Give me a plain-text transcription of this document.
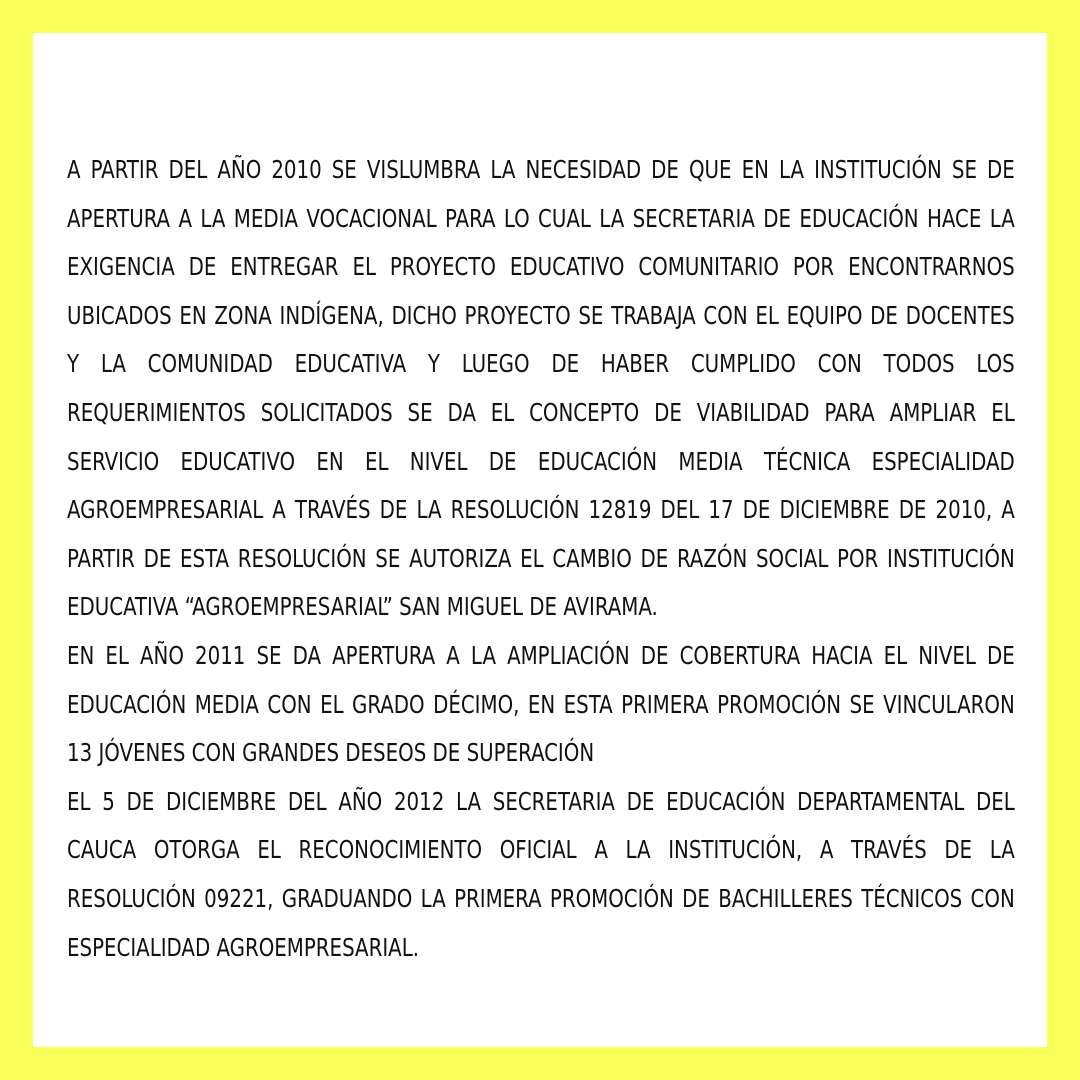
A PARTIR DEL AÑO 2010 SE VISLUMBRA LA NECESIDAD DE QUE EN LA INSTITUCIÓN SE DE APERTURA A LA MEDIA VOCACIONAL PARA LO CUAL LA SECRETARIA DE EDUCACIÓN HACE LA EXIGENCIA DE ENTREGAR EL PROYECTO EDUCATIVO COMUNITARIO POR ENCONTRARNOS UBICADOS EN ZONA INDÍGENA, DICHO PROYECTO SE TRABAJA CON EL EQUIPO DE DOCENTES Y LA COMUNIDAD EDUCATIVA Y LUEGO DE HABER CUMPLIDO CON TODOS LOS REQUERIMIENTOS SOLICITADOS SE DA EL CONCEPTO DE VIABILIDAD PARA AMPLIAR EL SERVICIO EDUCATIVO EN EL NIVEL DE EDUCACIÓN MEDIA TÉCNICA ESPECIALIDAD AGROEMPRESARIAL A TRAVÉS DE LA RESOLUCIÓN 12819 DEL 17 DE DICIEMBRE DE 2010, A PARTIR DE ESTA RESOLUCIÓN SE AUTORIZA EL CAMBIO DE RAZÓN SOCIAL POR INSTITUCIÓN EDUCATIVA “AGROEMPRESARIAL” SAN MIGUEL DE AVIRAMA.

EN EL AÑO 2011 SE DA APERTURA A LA AMPLIACIÓN DE COBERTURA HACIA EL NIVEL DE EDUCACIÓN MEDIA CON EL GRADO DÉCIMO, EN ESTA PRIMERA PROMOCIÓN SE VINCULARON 13 JÓVENES CON GRANDES DESEOS DE SUPERACIÓN

EL 5 DE DICIEMBRE DEL AÑO 2012 LA SECRETARIA DE EDUCACIÓN DEPARTAMENTAL DEL CAUCA OTORGA EL RECONOCIMIENTO OFICIAL A LA INSTITUCIÓN, A TRAVÉS DE LA RESOLUCIÓN 09221, GRADUANDO LA PRIMERA PROMOCIÓN DE BACHILLERES TÉCNICOS CON ESPECIALIDAD AGROEMPRESARIAL.
